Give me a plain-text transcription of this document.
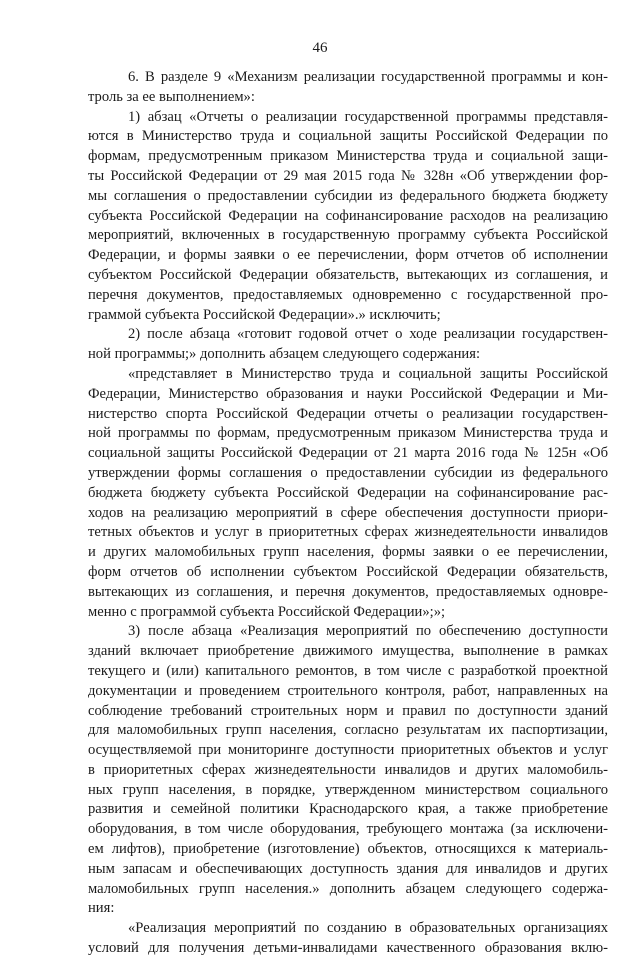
46
6. В разделе 9 «Механизм реализации государственной программы и кон-
троль за ее выполнением»:
1) абзац «Отчеты о реализации государственной программы представля-
ются в Министерство труда и социальной защиты Российской Федерации по
формам, предусмотренным приказом Министерства труда и социальной защи-
ты Российской Федерации от 29 мая 2015 года № 328н «Об утверждении фор-
мы соглашения о предоставлении субсидии из федерального бюджета бюджету
субъекта Российской Федерации на софинансирование расходов на реализацию
мероприятий, включенных в государственную программу субъекта Российской
Федерации, и формы заявки о ее перечислении, форм отчетов об исполнении
субъектом Российской Федерации обязательств, вытекающих из соглашения, и
перечня документов, предоставляемых одновременно с государственной про-
граммой субъекта Российской Федерации».» исключить;
2) после абзаца «готовит годовой отчет о ходе реализации государствен-
ной программы;» дополнить абзацем следующего содержания:
«представляет в Министерство труда и социальной защиты Российской
Федерации, Министерство образования и науки Российской Федерации и Ми-
нистерство спорта Российской Федерации отчеты о реализации государствен-
ной программы по формам, предусмотренным приказом Министерства труда и
социальной защиты Российской Федерации от 21 марта 2016 года № 125н «Об
утверждении формы соглашения о предоставлении субсидии из федерального
бюджета бюджету субъекта Российской Федерации на софинансирование рас-
ходов на реализацию мероприятий в сфере обеспечения доступности приори-
тетных объектов и услуг в приоритетных сферах жизнедеятельности инвалидов
и других маломобильных групп населения, формы заявки о ее перечислении,
форм отчетов об исполнении субъектом Российской Федерации обязательств,
вытекающих из соглашения, и перечня документов, предоставляемых одновре-
менно с программой субъекта Российской Федерации»;»;
3) после абзаца «Реализация мероприятий по обеспечению доступности
зданий включает приобретение движимого имущества, выполнение в рамках
текущего и (или) капитального ремонтов, в том числе с разработкой проектной
документации и проведением строительного контроля, работ, направленных на
соблюдение требований строительных норм и правил по доступности зданий
для маломобильных групп населения, согласно результатам их паспортизации,
осуществляемой при мониторинге доступности приоритетных объектов и услуг
в приоритетных сферах жизнедеятельности инвалидов и других маломобиль-
ных групп населения, в порядке, утвержденном министерством социального
развития и семейной политики Краснодарского края, а также приобретение
оборудования, в том числе оборудования, требующего монтажа (за исключени-
ем лифтов), приобретение (изготовление) объектов, относящихся к материаль-
ным запасам и обеспечивающих доступность здания для инвалидов и других
маломобильных групп населения.» дополнить абзацем следующего содержа-
ния:
«Реализация мероприятий по созданию в образовательных организациях
условий для получения детьми-инвалидами качественного образования вклю-
